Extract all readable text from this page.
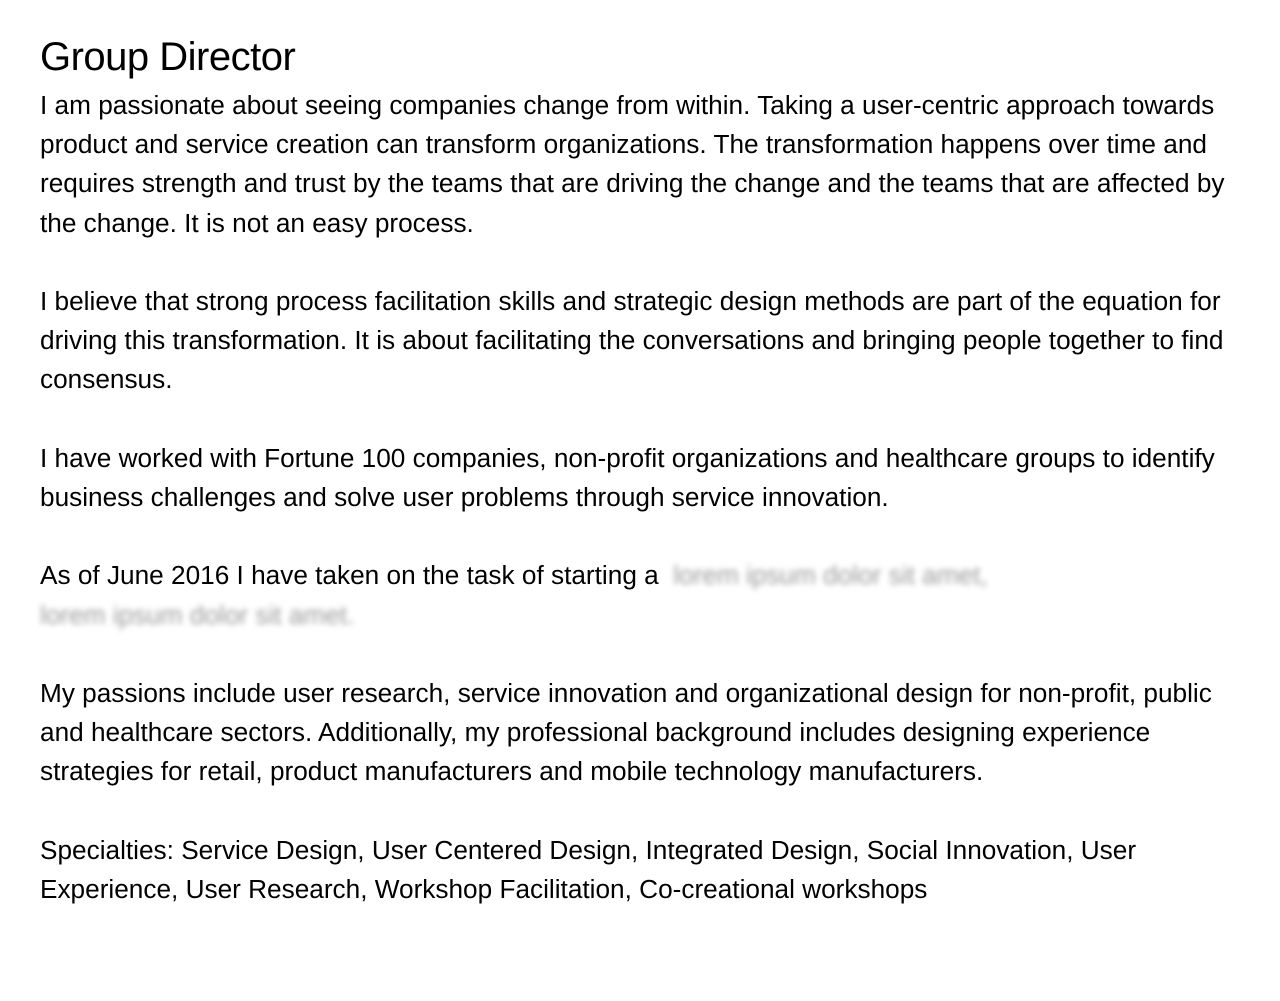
Group Director

I am passionate about seeing companies change from within. Taking a user-centric approach towards product and service creation can transform organizations. The transformation happens over time and requires strength and trust by the teams that are driving the change and the teams that are affected by the change. It is not an easy process.

I believe that strong process facilitation skills and strategic design methods are part of the equation for driving this transformation. It is about facilitating the conversations and bringing people together to find consensus.

I have worked with Fortune 100 companies, non-profit organizations and healthcare groups to identify business challenges and solve user problems through service innovation.

As of June 2016 I have taken on the task of starting a lorem ipsum dolor sit amet,
lorem ipsum dolor sit amet.

My passions include user research, service innovation and organizational design for non-profit, public and healthcare sectors. Additionally, my professional background includes designing experience strategies for retail, product manufacturers and mobile technology manufacturers.

Specialties: Service Design, User Centered Design, Integrated Design, Social Innovation, User Experience, User Research, Workshop Facilitation, Co-creational workshops
